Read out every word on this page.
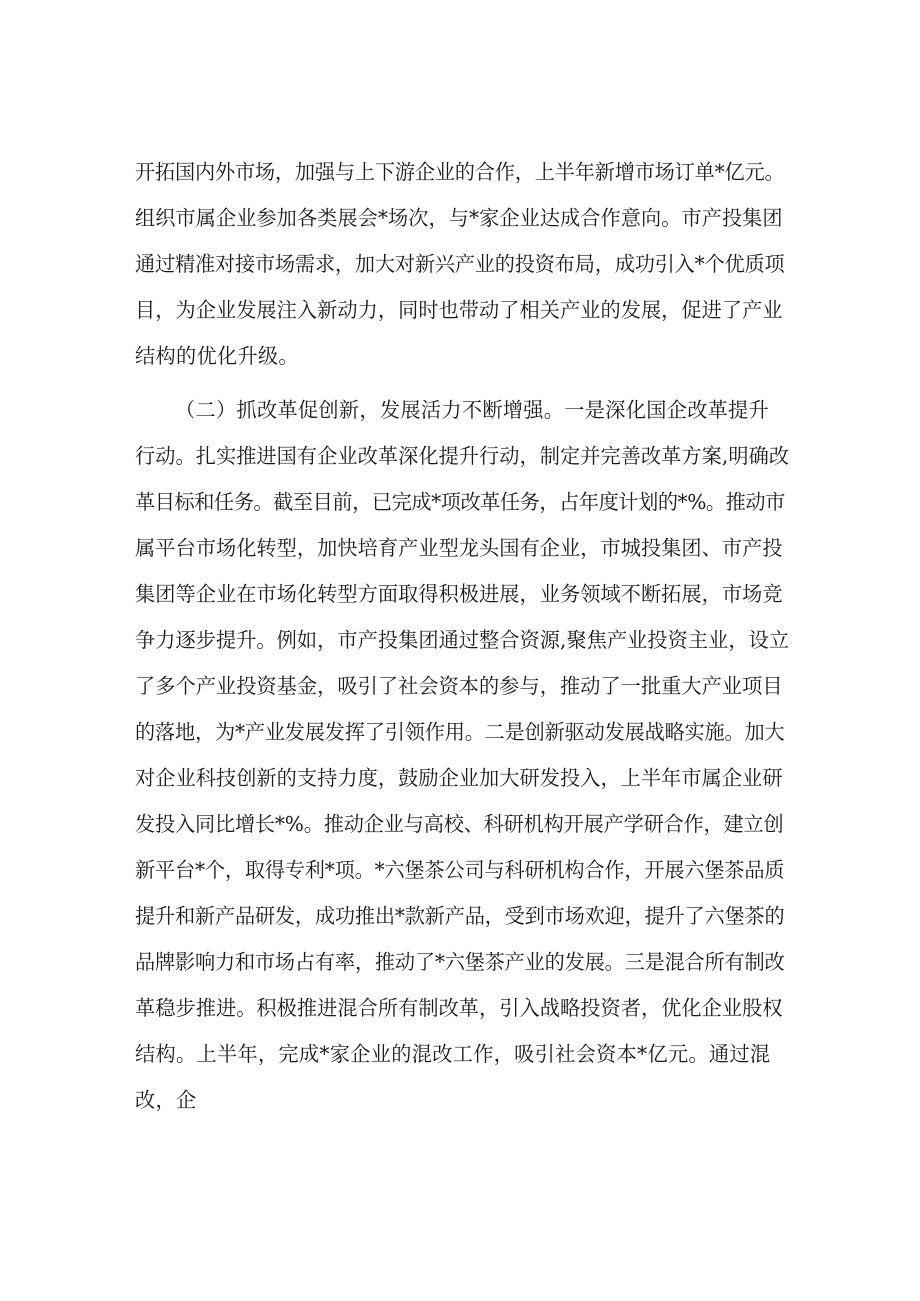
开拓国内外市场，加强与上下游企业的合作，上半年新增市场订单*亿元。
组织市属企业参加各类展会*场次，与*家企业达成合作意向。市产投集团
通过精准对接市场需求，加大对新兴产业的投资布局，成功引入*个优质项
目，为企业发展注入新动力，同时也带动了相关产业的发展，促进了产业
结构的优化升级。
（二）抓改革促创新，发展活力不断增强。一是深化国企改革提升
行动。扎实推进国有企业改革深化提升行动，制定并完善改革方案,明确改
革目标和任务。截至目前，已完成*项改革任务，占年度计划的*%。推动市
属平台市场化转型，加快培育产业型龙头国有企业，市城投集团、市产投
集团等企业在市场化转型方面取得积极进展，业务领域不断拓展，市场竞
争力逐步提升。例如，市产投集团通过整合资源,聚焦产业投资主业，设立
了多个产业投资基金，吸引了社会资本的参与，推动了一批重大产业项目
的落地，为*产业发展发挥了引领作用。二是创新驱动发展战略实施。加大
对企业科技创新的支持力度，鼓励企业加大研发投入，上半年市属企业研
发投入同比增长*%。推动企业与高校、科研机构开展产学研合作，建立创
新平台*个，取得专利*项。*六堡茶公司与科研机构合作，开展六堡茶品质
提升和新产品研发，成功推出*款新产品，受到市场欢迎，提升了六堡茶的
品牌影响力和市场占有率，推动了*六堡茶产业的发展。三是混合所有制改
革稳步推进。积极推进混合所有制改革，引入战略投资者，优化企业股权
结构。上半年，完成*家企业的混改工作，吸引社会资本*亿元。通过混
改，企
